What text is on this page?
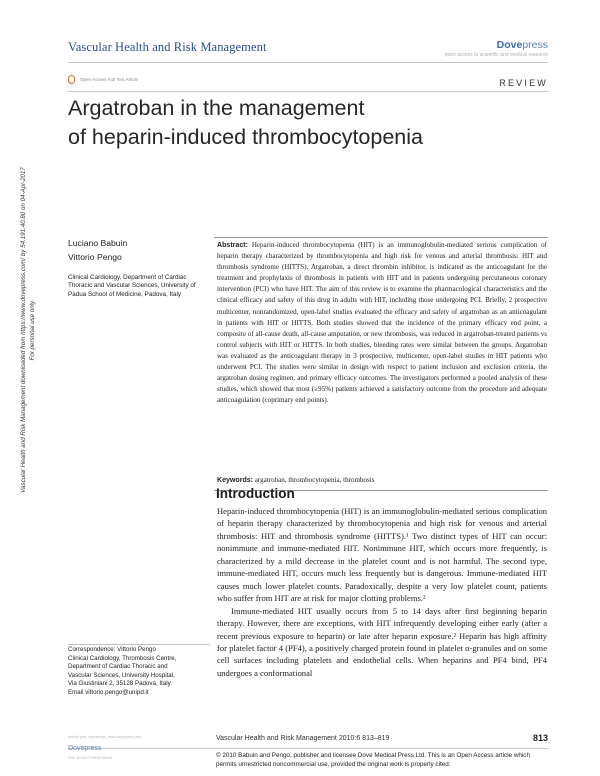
Vascular Health and Risk Management	Dovepress
open access to scientific and medical research
Open Access Full Text Article	REVIEW
Argatroban in the management
of heparin-induced thrombocytopenia
Vascular Health and Risk Management downloaded from https://www.dovepress.com/ by 54.191.40.80 on 04-Apr-2017 For personal use only.
Luciano Babuin
Vittorio Pengo
Clinical Cardiology, Department of Cardiac Thoracic and Vascular Sciences, University of Padua School of Medicine, Padova, Italy
Abstract: Heparin-induced thrombocytopenia (HIT) is an immunoglobulin-mediated serious complication of heparin therapy characterized by thrombocytopenia and high risk for venous and arterial thrombosis: HIT and thrombosis syndrome (HITTS). Argatroban, a direct thrombin inhibitor, is indicated as the anticoagulant for the treatment and prophylaxis of thrombosis in patients with HIT and in patients undergoing percutaneous coronary intervention (PCI) who have HIT. The aim of this review is to examine the pharmacological characteristics and the clinical efficacy and safety of this drug in adults with HIT, including those undergoing PCI. Briefly, 2 prospective multicenter, nonrandomized, open-label studies evaluated the efficacy and safety of argatroban as an anticoagulant in patients with HIT or HITTS. Both studies showed that the incidence of the primary efficacy end point, a composite of all-cause death, all-cause amputation, or new thrombosis, was reduced in argatroban-treated patients vs control subjects with HIT or HITTS. In both studies, bleeding rates were similar between the groups. Argatroban was evaluated as the anticoagulant therapy in 3 prospective, multicenter, open-label studies in HIT patients who underwent PCI. The studies were similar in design with respect to patient inclusion and exclusion criteria, the argatroban dosing regimen, and primary efficacy outcomes. The investigators performed a pooled analysis of these studies, which showed that most (≥95%) patients achieved a satisfactory outcome from the procedure and adequate anticoagulation (coprimary end points).
Keywords: argatroban, thrombocytopenia, thrombosis
Introduction

Heparin-induced thrombocytopenia (HIT) is an immunoglobulin-mediated serious complication of heparin therapy characterized by thrombocytopenia and high risk for venous and arterial thrombosis: HIT and thrombosis syndrome (HITTS).¹ Two distinct types of HIT can occur: nonimmune and immune-mediated HIT. Nonimmune HIT, which occurs more frequently, is characterized by a mild decrease in the platelet count and is not harmful. The second type, immune-mediated HIT, occurs much less frequently but is dangerous. Immune-mediated HIT causes much lower platelet counts. Paradoxically, despite a very low platelet count, patients who suffer from HIT are at risk for major clotting problems.²

Immune-mediated HIT usually occurs from 5 to 14 days after first beginning heparin therapy. However, there are exceptions, with HIT infrequently developing either early (after a recent previous exposure to heparin) or late after heparin exposure.² Heparin has high affinity for platelet factor 4 (PF4), a positively charged protein found in platelet α-granules and on some cell surfaces including platelets and endothelial cells. When heparins and PF4 bind, PF4 undergoes a conformational

Correspondence: Vittorio Pengo
Clinical Cardiology, Thrombosis Centre,
Department of Cardiac Thoracic and
Vascular Sciences, University Hospital,
Via Giustiniani 2, 35128 Padova, Italy
Email vittorio.pengo@unipd.it
submit your manuscript | www.dovepress.com
Dovepress
DOI: 10.2147/VHRM.S6004
Vascular Health and Risk Management 2010:6 813–819	813
© 2010 Babuin and Pengo, publisher and licensee Dove Medical Press Ltd. This is an Open Access article which permits unrestricted noncommercial use, provided the original work is properly cited.
